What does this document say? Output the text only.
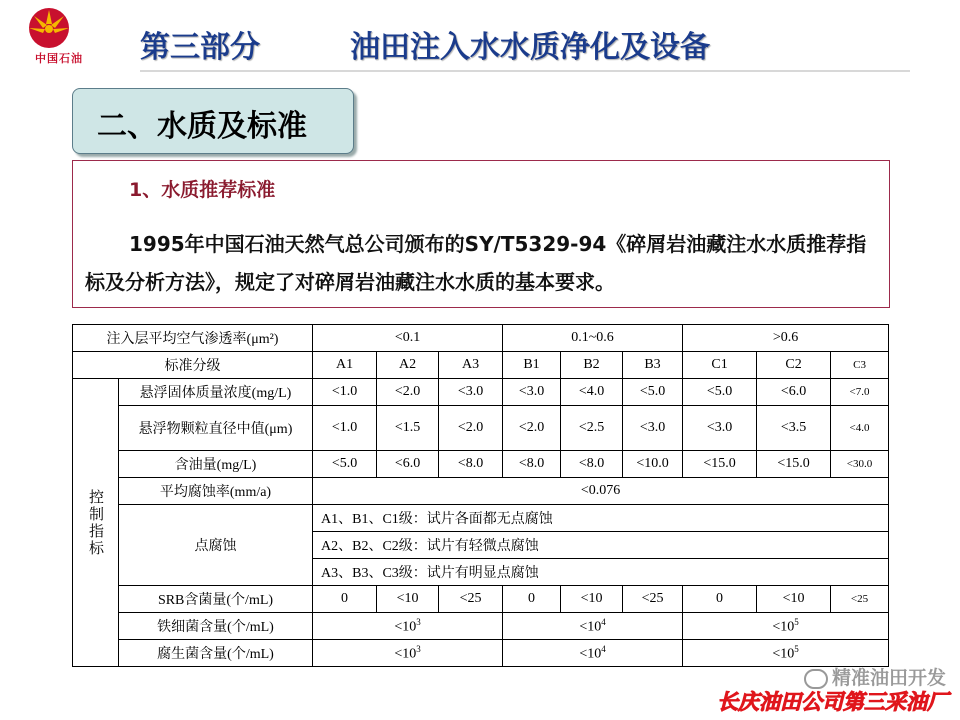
中国石油	第三部分	油田注入水水质净化及设备
二、水质及标准
1、水质推荐标准
1995年中国石油天然气总公司颁布的SY/T5329-94《碎屑岩油藏注水水质推荐指标及分析方法》，规定了对碎屑岩油藏注水水质的基本要求。
注入层平均空气渗透率(μm²)		<0.1			0.1~0.6			>0.6		
标准分级		A1	A2	A3	B1	B2	B3	C1	C2	C3

控制指标	悬浮固体质量浓度(mg/L)	<1.0	<2.0	<3.0	<3.0	<4.0	<5.0	<5.0	<6.0	<7.0
	悬浮物颗粒直径中值(μm)	<1.0	<1.5	<2.0	<2.0	<2.5	<3.0	<3.0	<3.5	<4.0
	含油量(mg/L)	<5.0	<6.0	<8.0	<8.0	<8.0	<10.0	<15.0	<15.0	<30.0
	平均腐蚀率(mm/a)	<0.076								
	点腐蚀	A1、B1、C1级：试片各面都无点腐蚀								
		A2、B2、C2级：试片有轻微点腐蚀								
		A3、B3、C3级：试片有明显点腐蚀								
	SRB含菌量(个/mL)	0	<10	<25	0	<10	<25	0	<10	<25
	铁细菌含量(个/mL)	$<10^3$			$<10^4$			$<10^5$
	腐生菌含量(个/mL)	$<10^3$			$<10^4$			$<10^5$
精准油田开发
长庆油田公司第三采油厂
